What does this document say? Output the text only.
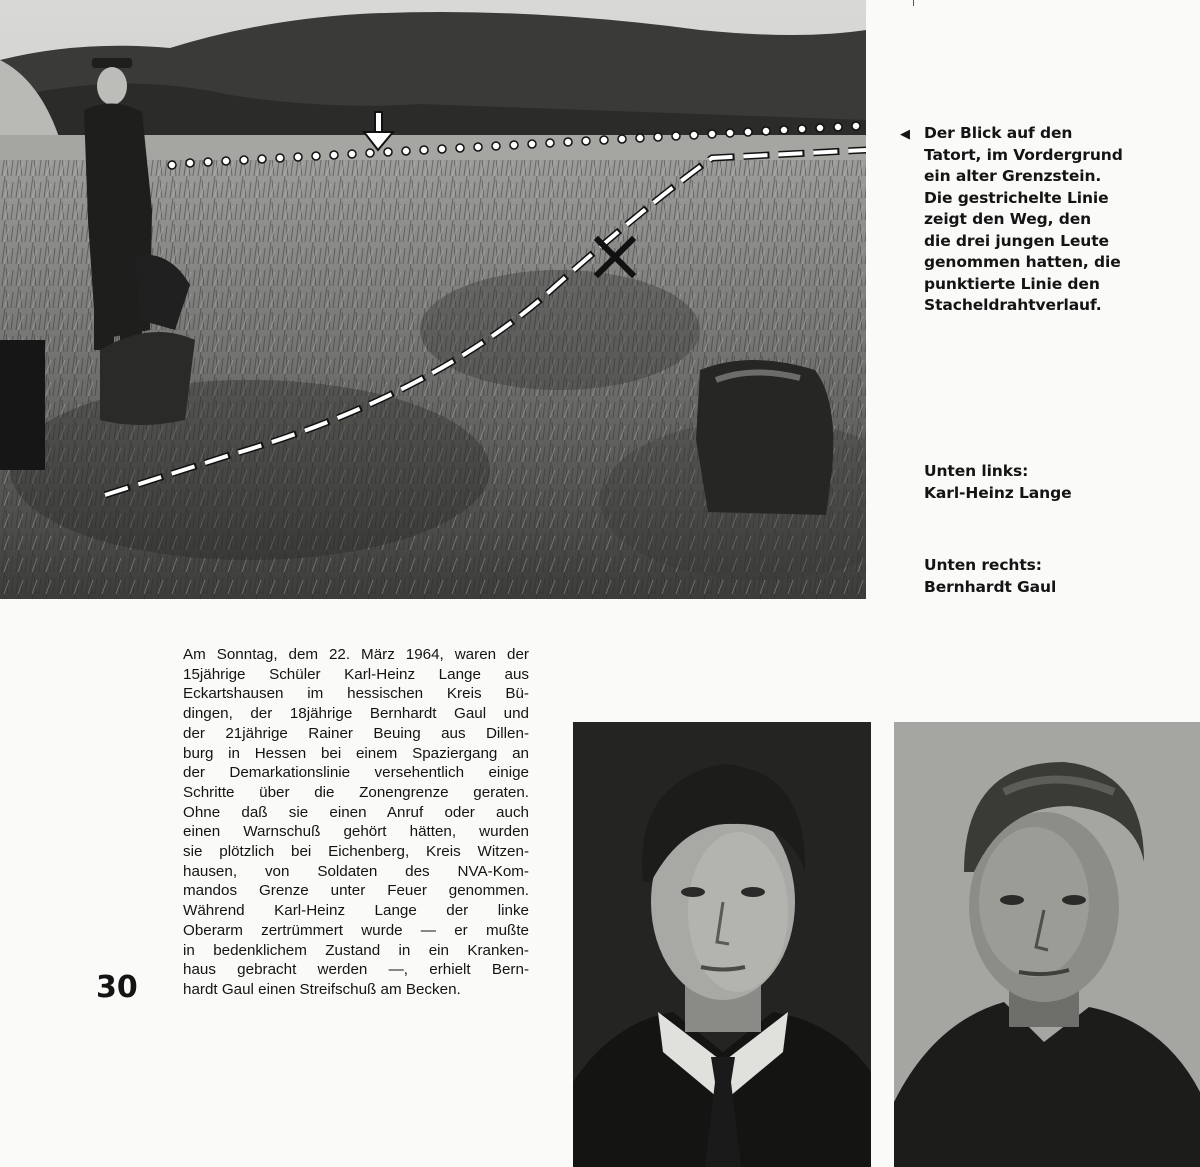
◀ Der Blick auf den
Tatort, im Vordergrund
ein alter Grenzstein.
Die gestrichelte Linie
zeigt den Weg, den
die drei jungen Leute
genommen hatten, die
punktierte Linie den
Stacheldrahtverlauf.
Unten links:
Karl-Heinz Lange
Unten rechts:
Bernhardt Gaul
Am Sonntag, dem 22. März 1964, waren der
15jährige Schüler Karl-Heinz Lange aus
Eckartshausen im hessischen Kreis Bü-
dingen, der 18jährige Bernhardt Gaul und
der 21jährige Rainer Beuing aus Dillen-
burg in Hessen bei einem Spaziergang an
der Demarkationslinie versehentlich einige
Schritte über die Zonengrenze geraten.
Ohne daß sie einen Anruf oder auch
einen Warnschuß gehört hätten, wurden
sie plötzlich bei Eichenberg, Kreis Witzen-
hausen, von Soldaten des NVA-Kom-
mandos Grenze unter Feuer genommen.
Während Karl-Heinz Lange der linke
Oberarm zertrümmert wurde — er mußte
in bedenklichem Zustand in ein Kranken-
haus gebracht werden —, erhielt Bern-
hardt Gaul einen Streifschuß am Becken.
30
